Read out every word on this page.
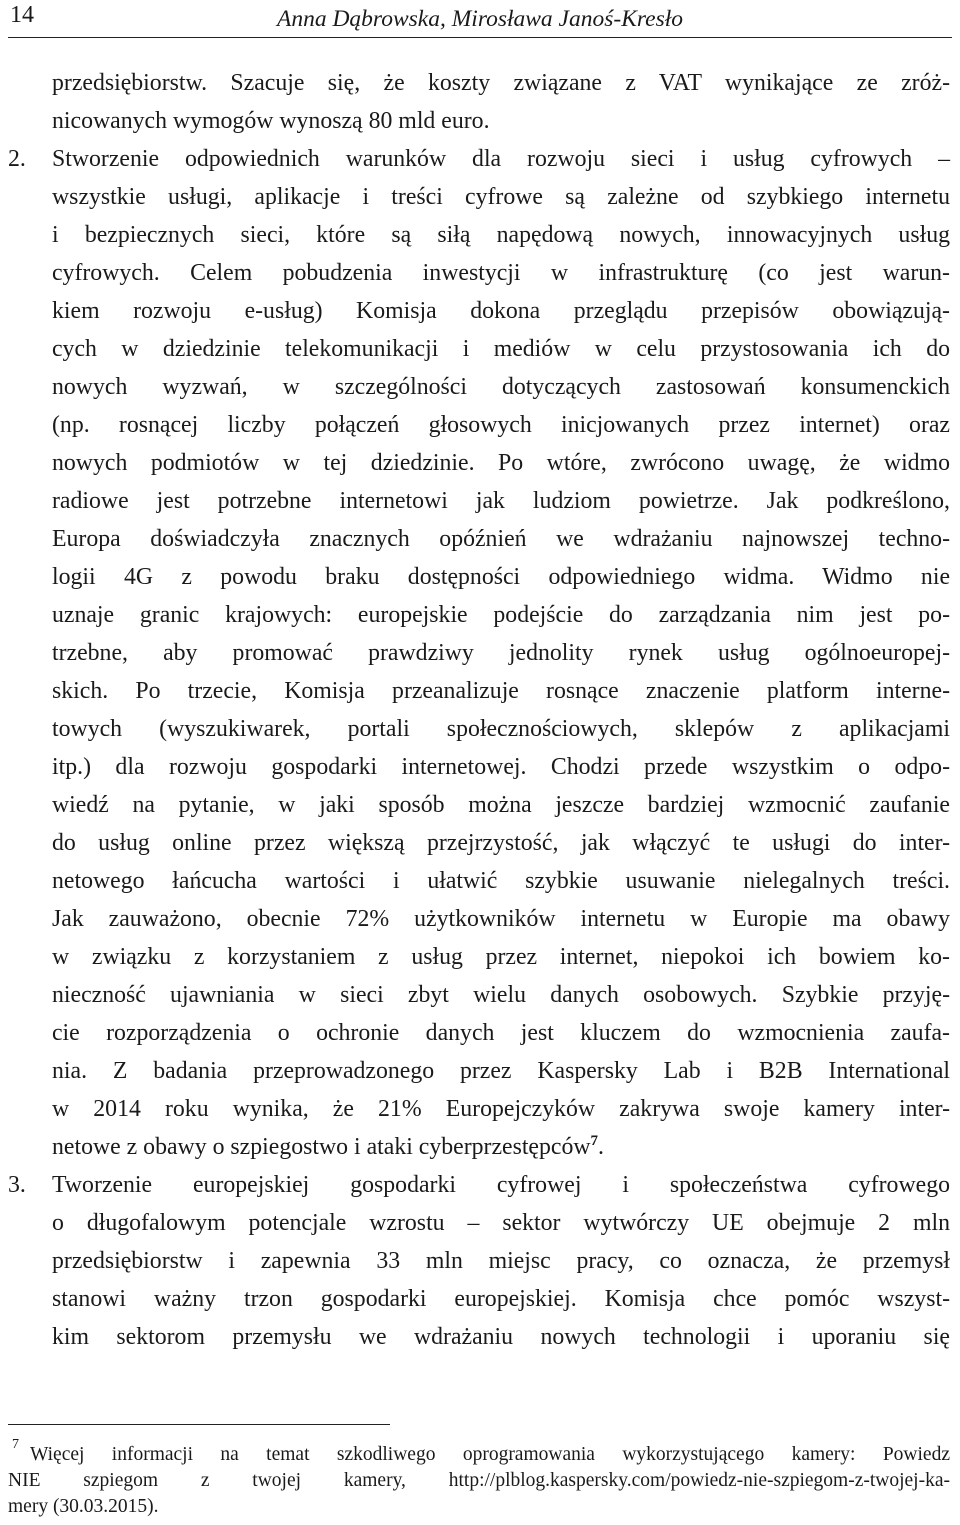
14	Anna Dąbrowska, Mirosława Janoś-Kresło
przedsiębiorstw. Szacuje się, że koszty związane z VAT wynikające ze zróż-
nicowanych wymogów wynoszą 80 mld euro.
2. Stworzenie odpowiednich warunków dla rozwoju sieci i usług cyfrowych –
wszystkie usługi, aplikacje i treści cyfrowe są zależne od szybkiego internetu
i bezpiecznych sieci, które są siłą napędową nowych, innowacyjnych usług
cyfrowych. Celem pobudzenia inwestycji w infrastrukturę (co jest warun-
kiem rozwoju e-usług) Komisja dokona przeglądu przepisów obowiązują-
cych w dziedzinie telekomunikacji i mediów w celu przystosowania ich do
nowych wyzwań, w szczególności dotyczących zastosowań konsumenckich
(np. rosnącej liczby połączeń głosowych inicjowanych przez internet) oraz
nowych podmiotów w tej dziedzinie. Po wtóre, zwrócono uwagę, że widmo
radiowe jest potrzebne internetowi jak ludziom powietrze. Jak podkreślono,
Europa doświadczyła znacznych opóźnień we wdrażaniu najnowszej techno-
logii 4G z powodu braku dostępności odpowiedniego widma. Widmo nie
uznaje granic krajowych: europejskie podejście do zarządzania nim jest po-
trzebne, aby promować prawdziwy jednolity rynek usług ogólnoeuropej-
skich. Po trzecie, Komisja przeanalizuje rosnące znaczenie platform interne-
towych (wyszukiwarek, portali społecznościowych, sklepów z aplikacjami
itp.) dla rozwoju gospodarki internetowej. Chodzi przede wszystkim o odpo-
wiedź na pytanie, w jaki sposób można jeszcze bardziej wzmocnić zaufanie
do usług online przez większą przejrzystość, jak włączyć te usługi do inter-
netowego łańcucha wartości i ułatwić szybkie usuwanie nielegalnych treści.
Jak zauważono, obecnie 72% użytkowników internetu w Europie ma obawy
w związku z korzystaniem z usług przez internet, niepokoi ich bowiem ko-
nieczność ujawniania w sieci zbyt wielu danych osobowych. Szybkie przyję-
cie rozporządzenia o ochronie danych jest kluczem do wzmocnienia zaufa-
nia. Z badania przeprowadzonego przez Kaspersky Lab i B2B International
w 2014 roku wynika, że 21% Europejczyków zakrywa swoje kamery inter-
netowe z obawy o szpiegostwo i ataki cyberprzestępców$^7$.
3. Tworzenie europejskiej gospodarki cyfrowej i społeczeństwa cyfrowego
o długofalowym potencjale wzrostu – sektor wytwórczy UE obejmuje 2 mln
przedsiębiorstw i zapewnia 33 mln miejsc pracy, co oznacza, że przemysł
stanowi ważny trzon gospodarki europejskiej. Komisja chce pomóc wszyst-
kim sektorom przemysłu we wdrażaniu nowych technologii i uporaniu się
7 Więcej informacji na temat szkodliwego oprogramowania wykorzystującego kamery: Powiedz
NIE szpiegom z twojej kamery, http://plblog.kaspersky.com/powiedz-nie-szpiegom-z-twojej-ka-
mery (30.03.2015).
